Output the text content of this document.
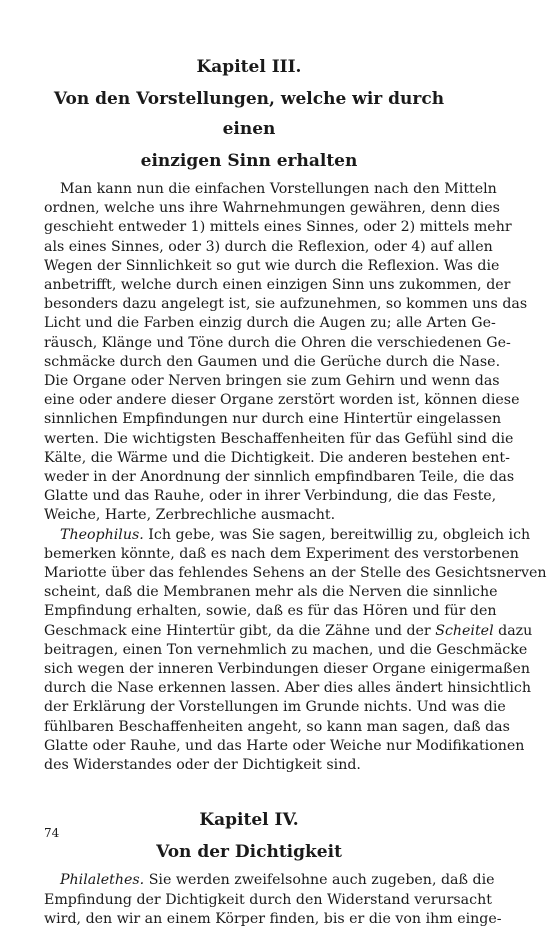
Kapitel III.
Von den Vorstellungen, welche wir durch einen
einzigen Sinn erhalten

Man kann nun die einfachen Vorstellungen nach den Mitteln
ordnen, welche uns ihre Wahrnehmungen gewähren, denn dies
geschieht entweder 1) mittels eines Sinnes, oder 2) mittels mehr
als eines Sinnes, oder 3) durch die Reflexion, oder 4) auf allen
Wegen der Sinnlichkeit so gut wie durch die Reflexion. Was die
anbetrifft, welche durch einen einzigen Sinn uns zukommen, der
besonders dazu angelegt ist, sie aufzunehmen, so kommen uns das
Licht und die Farben einzig durch die Augen zu; alle Arten Ge-
räusch, Klänge und Töne durch die Ohren die verschiedenen Ge-
schmäcke durch den Gaumen und die Gerüche durch die Nase.
Die Organe oder Nerven bringen sie zum Gehirn und wenn das
eine oder andere dieser Organe zerstört worden ist, können diese
sinnlichen Empfindungen nur durch eine Hintertür eingelassen
werten. Die wichtigsten Beschaffenheiten für das Gefühl sind die
Kälte, die Wärme und die Dichtigkeit. Die anderen bestehen ent-
weder in der Anordnung der sinnlich empfindbaren Teile, die das
Glatte und das Rauhe, oder in ihrer Verbindung, die das Feste,
Weiche, Harte, Zerbrechliche ausmacht.

Theophilus. Ich gebe, was Sie sagen, bereitwillig zu, obgleich ich
bemerken könnte, daß es nach dem Experiment des verstorbenen
Mariotte über das fehlendes Sehens an der Stelle des Gesichtsnerven
scheint, daß die Membranen mehr als die Nerven die sinnliche
Empfindung erhalten, sowie, daß es für das Hören und für den
Geschmack eine Hintertür gibt, da die Zähne und der Scheitel dazu
beitragen, einen Ton vernehmlich zu machen, und die Geschmäcke
sich wegen der inneren Verbindungen dieser Organe einigermaßen
durch die Nase erkennen lassen. Aber dies alles ändert hinsichtlich
der Erklärung der Vorstellungen im Grunde nichts. Und was die
fühlbaren Beschaffenheiten angeht, so kann man sagen, daß das
Glatte oder Rauhe, und das Harte oder Weiche nur Modifikationen
des Widerstandes oder der Dichtigkeit sind.

Kapitel IV.
Von der Dichtigkeit

Philalethes. Sie werden zweifelsohne auch zugeben, daß die
Empfindung der Dichtigkeit durch den Widerstand verursacht
wird, den wir an einem Körper finden, bis er die von ihm einge-

74
